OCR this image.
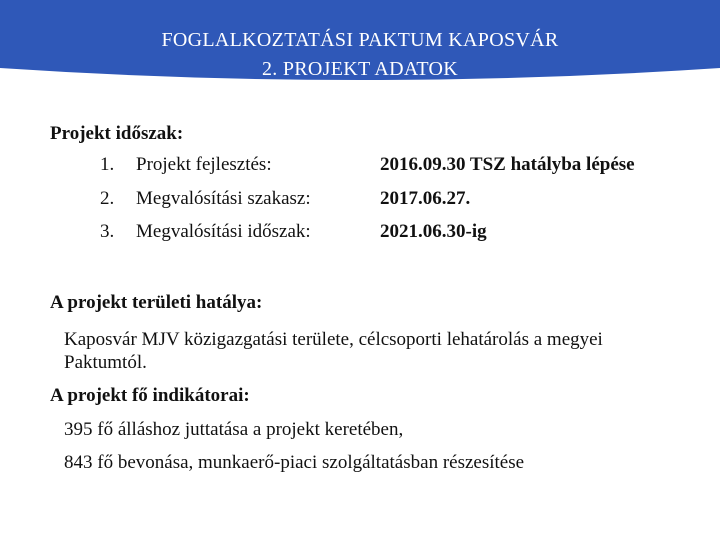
FOGLALKOZTATÁSI PAKTUM KAPOSVÁR
2. PROJEKT ADATOK
Projekt időszak:
1. Projekt fejlesztés:	2016.09.30 TSZ hatályba lépése
2. Megvalósítási szakasz:	2017.06.27.
3. Megvalósítási időszak:	2021.06.30-ig
A projekt területi hatálya:
Kaposvár MJV közigazgatási területe, célcsoporti lehatárolás a megyei
Paktumtól.
A projekt fő indikátorai:
395 fő álláshoz juttatása a projekt keretében,
843 fő bevonása, munkaerő-piaci szolgáltatásban részesítése
